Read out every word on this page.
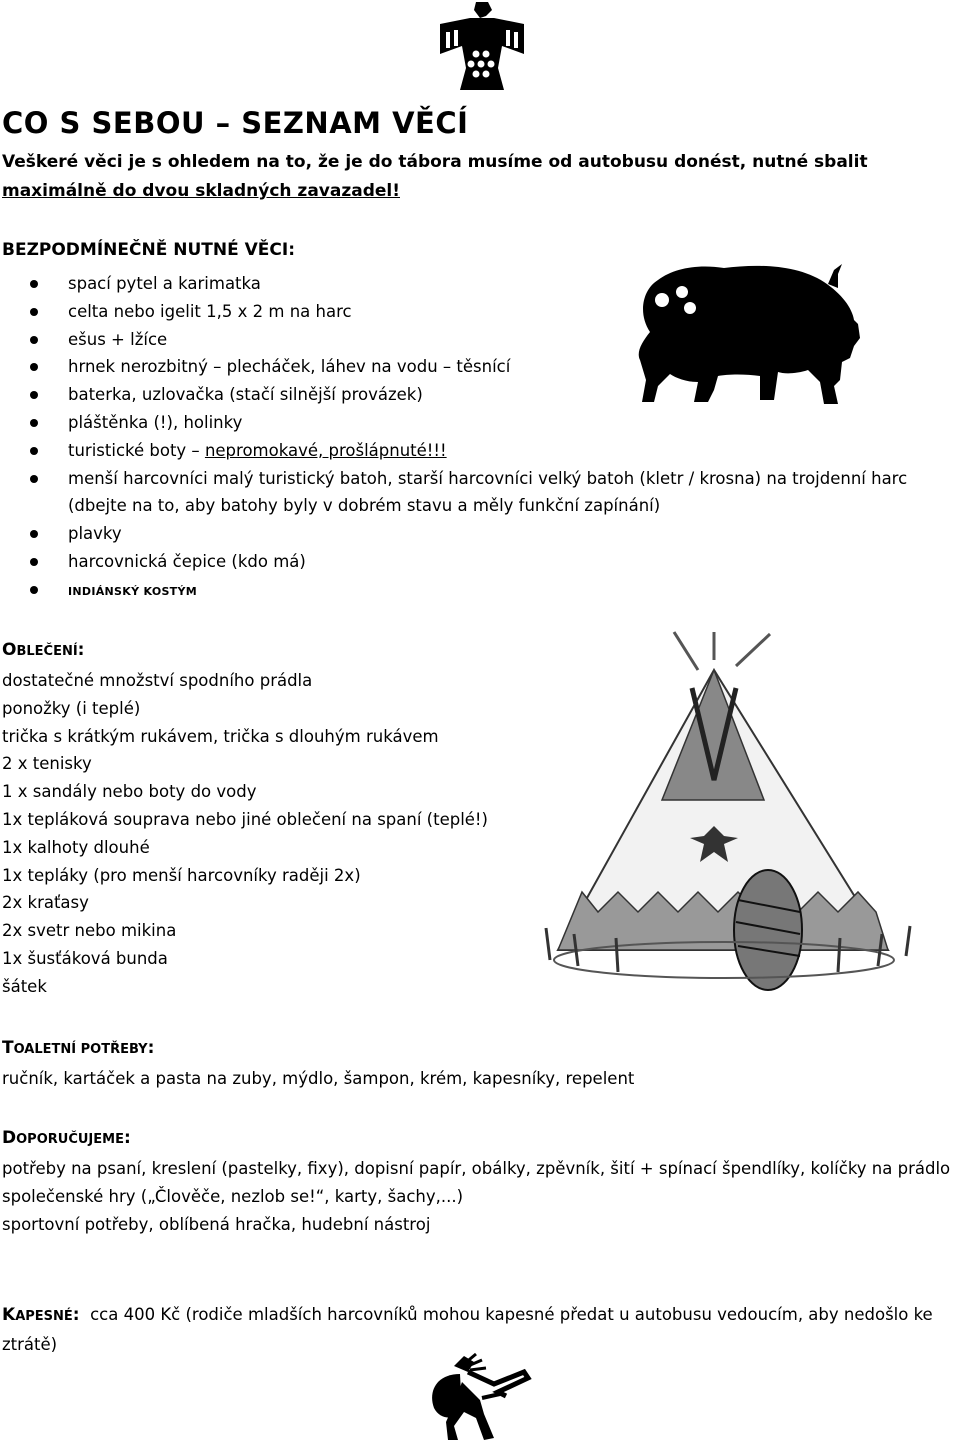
CO S SEBOU – SEZNAM VĚCÍ
Veškeré věci je s ohledem na to, že je do tábora musíme od autobusu donést, nutné sbalit maximálně do dvou skladných zavazadel!
BEZPODMÍNEČNĚ NUTNÉ VĚCI:
spací pytel a karimatka
celta nebo igelit 1,5 x 2 m na harc
ešus + lžíce
hrnek nerozbitný – plecháček, láhev na vodu – těsnící
baterka, uzlovačka (stačí silnější provázek)
pláštěnka (!), holinky
turistické boty – nepromokavé, prošlápnuté!!!
menší harcovníci malý turistický batoh, starší harcovníci velký batoh (kletr / krosna) na trojdenní harc (dbejte na to, aby batohy byly v dobrém stavu a měly funkční zapínání)
plavky
harcovnická čepice (kdo má)
INDIÁNSKÝ KOSTÝM
OBLEČENÍ:
dostatečné množství spodního prádla
ponožky (i teplé)
trička s krátkým rukávem, trička s dlouhým rukávem
2 x tenisky
1 x sandály nebo boty do vody
1x tepláková souprava nebo jiné oblečení na spaní (teplé!)
1x kalhoty dlouhé
1x tepláky (pro menší harcovníky raději 2x)
2x kraťasy
2x svetr nebo mikina
1x šusťáková bunda
šátek
TOALETNÍ POTŘEBY:
ručník, kartáček a pasta na zuby, mýdlo, šampon, krém, kapesníky, repelent
DOPORUČUJEME:
potřeby na psaní, kreslení (pastelky, fixy), dopisní papír, obálky, zpěvník, šití + spínací špendlíky, kolíčky na prádlo
společenské hry („Člověče, nezlob se!“, karty, šachy,...)
sportovní potřeby, oblíbená hračka, hudební nástroj
KAPESNÉ: cca 400 Kč (rodiče mladších harcovníků mohou kapesné předat u autobusu vedoucím, aby nedošlo ke ztrátě)
